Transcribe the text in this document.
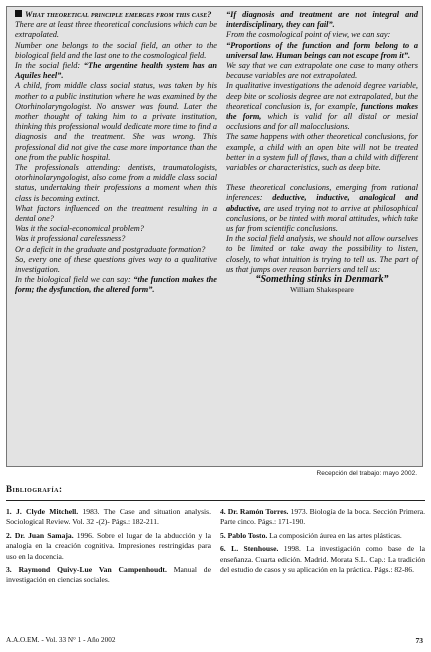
What theoretical principle emerges from this case?

There are at least three theoretical conclusions which can be extrapolated.

Number one belongs to the social field, an other to the biological field and the last one to the cosmological field.

In the social field: “The argentine health system has an Aquiles heel”.

A child, from middle class social status, was taken by his mother to a public institution where he was examined by the Otorhinolaryngologist. No answer was found. Later the mother thought of taking him to a private institution, thinking this professional would dedicate more time to find a diagnosis and the treatment. She was wrong. This professional did not give the case more importance than the one from the public hospital.

The professionals attending: dentists, traumatologists, otorhinolaryngologist, also come from a middle class social status, undertaking their professions a moment when this class is becoming extinct.

What factors influenced on the treatment resulting in a dental one?

Was it the social-economical problem?

Was it professional carelessness?

Or a deficit in the graduate and postgraduate formation?

So, every one of these questions gives way to a qualitative investigation.

In the biological field we can say: “the function makes the form; the dysfunction, the altered form”.

“If diagnosis and treatment are not integral and interdisciplinary, they can fail”.

From the cosmological point of view, we can say:

“Proportions of the function and form belong to a universal law. Human beings can not escape from it”.

We say that we can extrapolate one case to many others because variables are not extrapolated.

In qualitative investigations the adenoid degree variable, deep bite or scoliosis degree are not extrapolated, but the theoretical conclusion is, for example, functions makes the form, which is valid for all distal or mesial occlusions and for all malocclusions.

The same happens with other theoretical conclusions, for example, a child with an open bite will not be treated better in a system full of flaws, than a child with different variables or characteristics, such as deep bite.

These theoretical conclusions, emerging from rational inferences: deductive, inductive, analogical and abductive, are used trying not to arrive at philosophical conclusions, or be tinted with moral attitudes, which take us far from scientific conclusions.

In the social field analysis, we should not allow ourselves to be limited or take away the possibility to listen, closely, to what intuition is trying to tell us. The part of us that jumps over reason barriers and tell us:

“Something stinks in Denmark”

William Shakespeare

Recepción del trabajo: mayo 2002.
Bibliografía:

1. J. Clyde Mitchell. 1983. The Case and situation analysis. Sociological Review. Vol. 32 -(2)- Págs.: 182-211.

2. Dr. Juan Samaja. 1996. Sobre el lugar de la abducción y la analogía en la creación cognitiva. Impresiones restringidas para uso en la docencia.

3. Raymond Quivy-Lue Van Campenhoudt. Manual de investigación en ciencias sociales.

4. Dr. Ramón Torres. 1973. Biología de la boca. Sección Primera. Parte cinco. Págs.: 171-190.

5. Pablo Tosto. La composición áurea en las artes plásticas.

6. L. Stenhouse. 1998. La investigación como base de la enseñanza. Cuarta edición. Madrid. Morata S.L. Cap.: La tradición del estudio de casos y su aplicación en la práctica. Págs.: 82-86.

A.A.O.EM. - Vol. 33 N° 1 - Año 2002	73
